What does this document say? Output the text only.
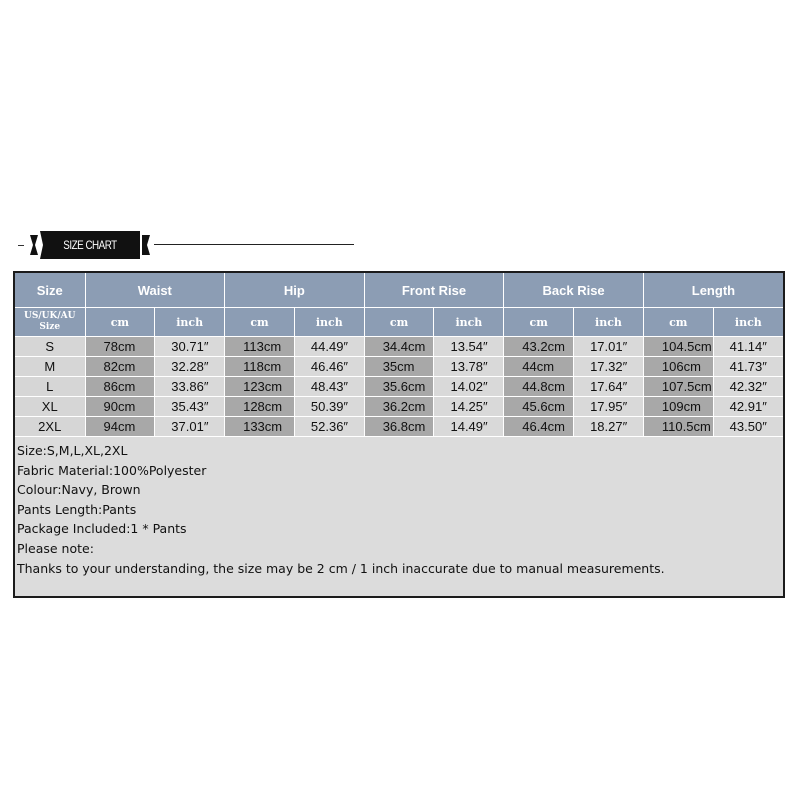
SIZE CHART
Size	Waist		Hip		Front Rise		Back Rise		Length	
US/UK/AU Size	cm	inch	cm	inch	cm	inch	cm	inch	cm	inch
S	78cm	30.71″	113cm	44.49″	34.4cm	13.54″	43.2cm	17.01″	104.5cm	41.14″
M	82cm	32.28″	118cm	46.46″	35cm	13.78″	44cm	17.32″	106cm	41.73″
L	86cm	33.86″	123cm	48.43″	35.6cm	14.02″	44.8cm	17.64″	107.5cm	42.32″
XL	90cm	35.43″	128cm	50.39″	36.2cm	14.25″	45.6cm	17.95″	109cm	42.91″
2XL	94cm	37.01″	133cm	52.36″	36.8cm	14.49″	46.4cm	18.27″	110.5cm	43.50″
Size:S,M,L,XL,2XL
Fabric Material:100%Polyester
Colour:Navy, Brown
Pants Length:Pants
Package Included:1 * Pants
Please note:
Thanks to your understanding, the size may be 2 cm / 1 inch inaccurate due to manual measurements.
